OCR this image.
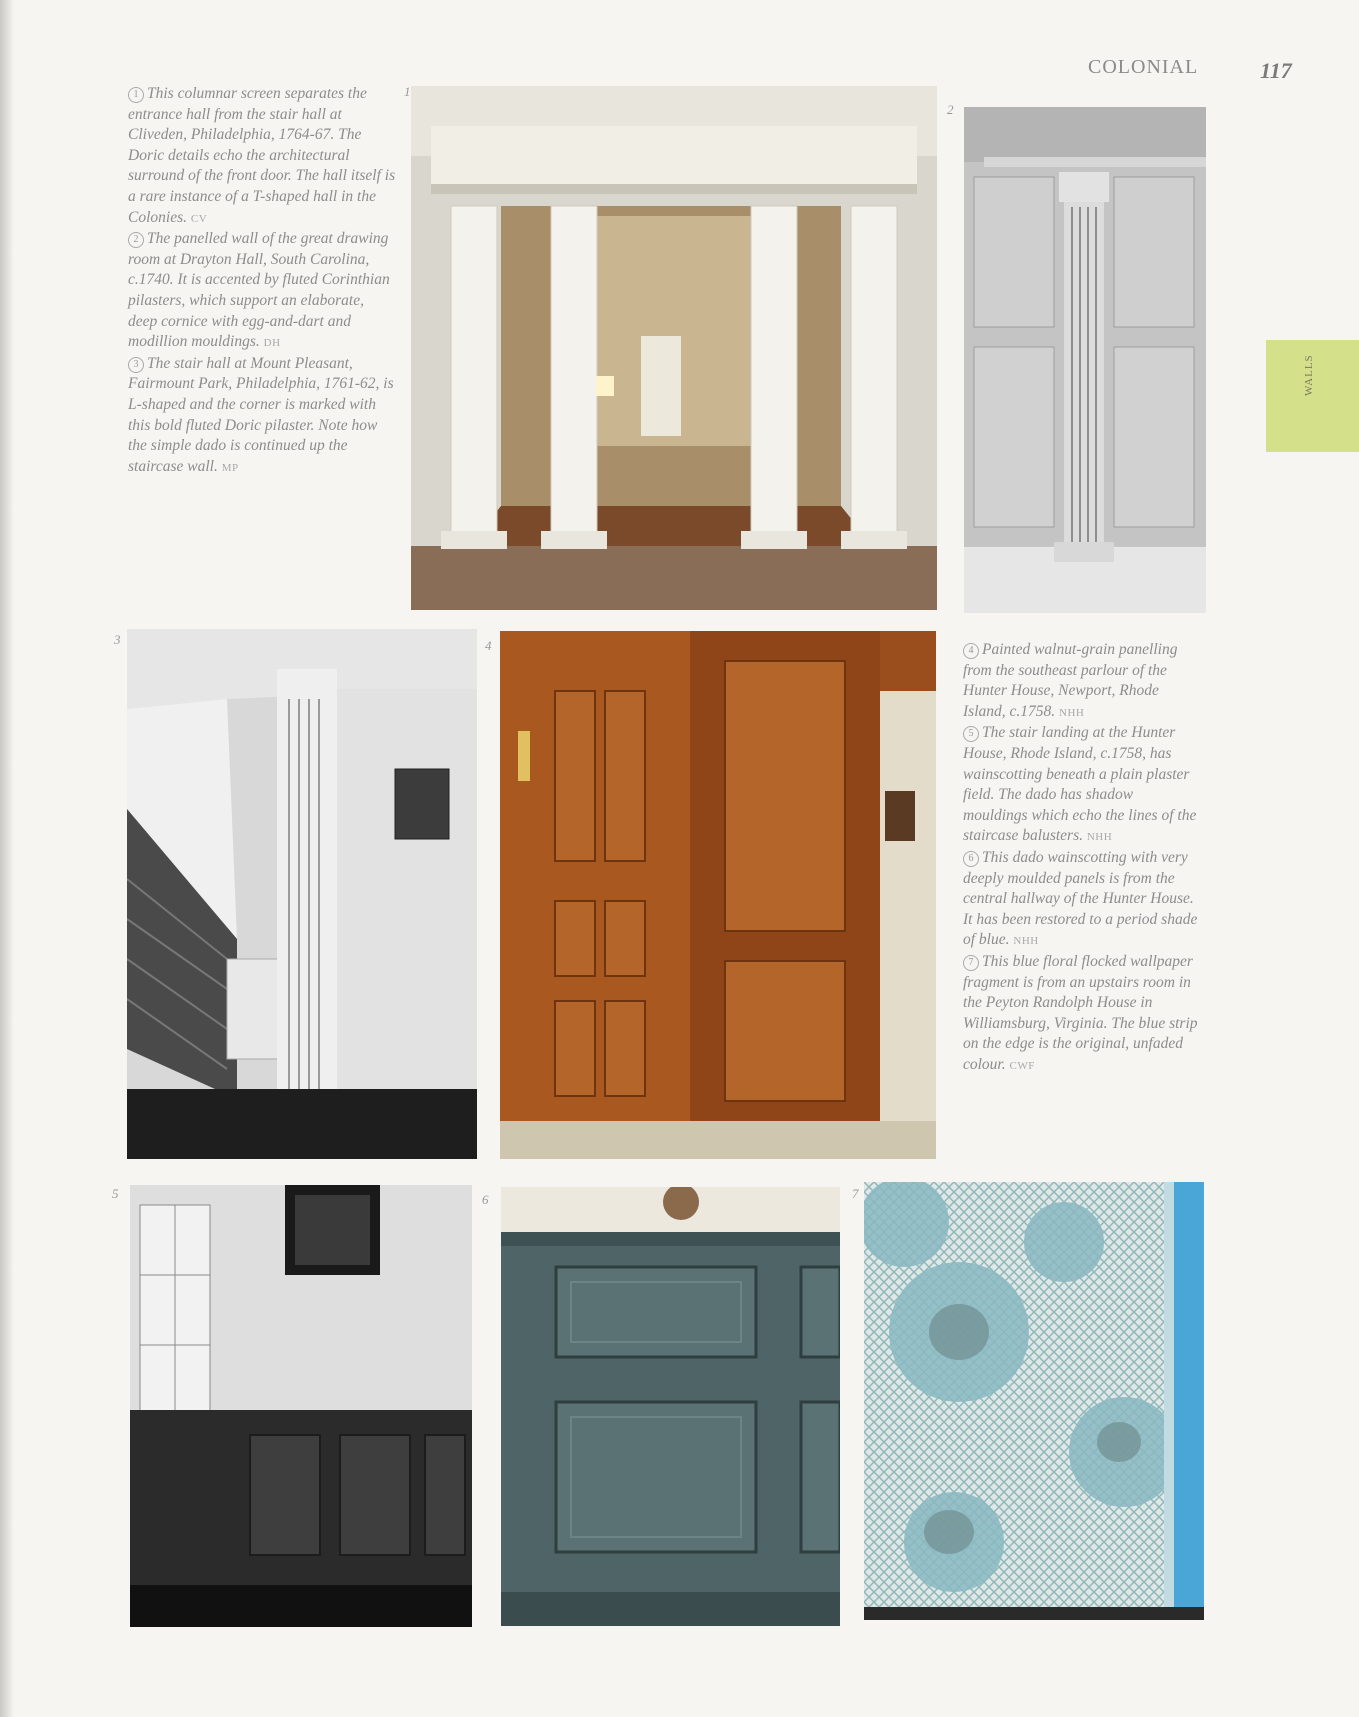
COLONIAL	117
WALLS

1 This columnar screen separates the entrance hall from the stair hall at Cliveden, Philadelphia, 1764-67. The Doric details echo the architectural surround of the front door. The hall itself is a rare instance of a T-shaped hall in the Colonies. CV

2 The panelled wall of the great drawing room at Drayton Hall, South Carolina, c.1740. It is accented by fluted Corinthian pilasters, which support an elaborate, deep cornice with egg-and-dart and modillion mouldings. DH

3 The stair hall at Mount Pleasant, Fairmount Park, Philadelphia, 1761-62, is L-shaped and the corner is marked with this bold fluted Doric pilaster. Note how the simple dado is continued up the staircase wall. MP

4 Painted walnut-grain panelling from the southeast parlour of the Hunter House, Newport, Rhode Island, c.1758. NHH

5 The stair landing at the Hunter House, Rhode Island, c.1758, has wainscotting beneath a plain plaster field. The dado has shadow mouldings which echo the lines of the staircase balusters. NHH

6 This dado wainscotting with very deeply moulded panels is from the central hallway of the Hunter House. It has been restored to a period shade of blue. NHH

7 This blue floral flocked wallpaper fragment is from an upstairs room in the Peyton Randolph House in Williamsburg, Virginia. The blue strip on the edge is the original, unfaded colour. CWF

1
2
3	4
5	6	7
